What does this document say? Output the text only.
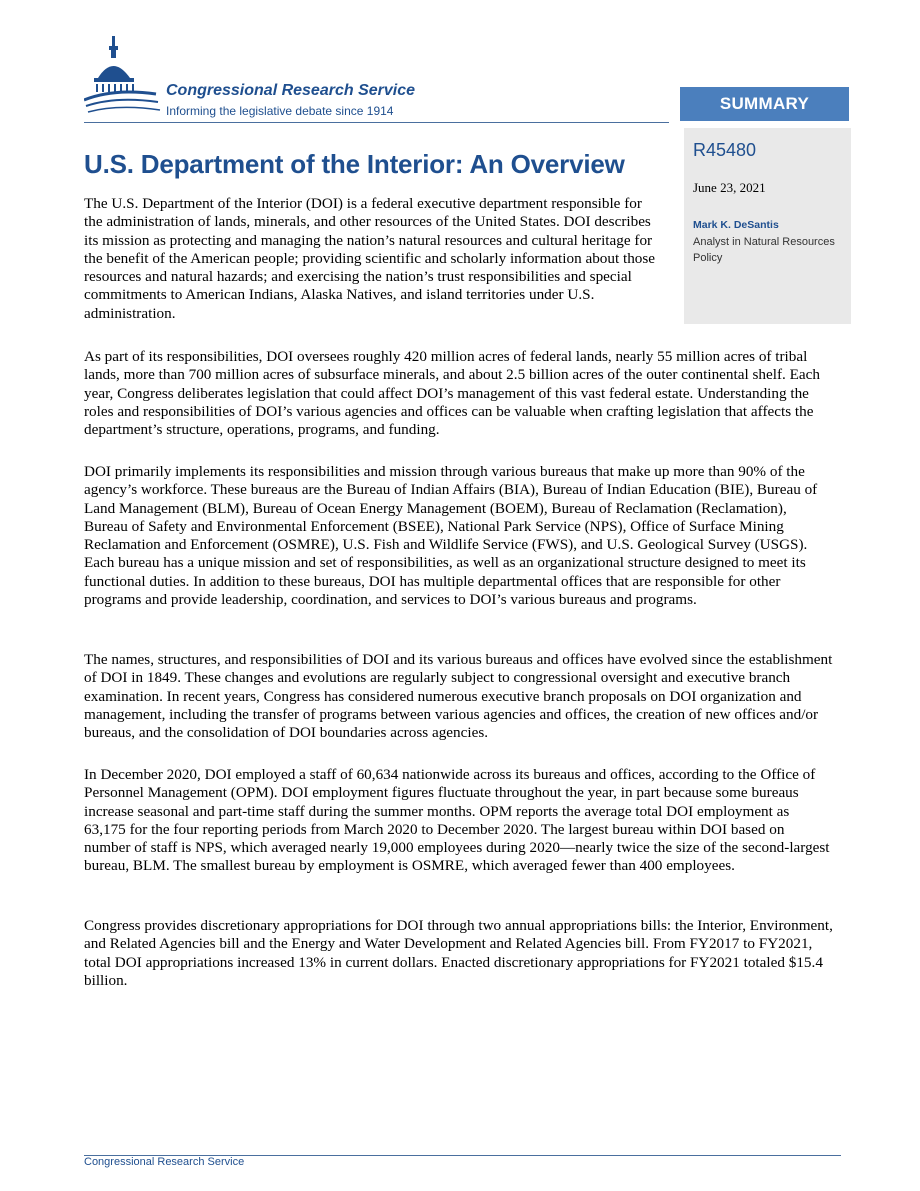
Congressional Research Service
Informing the legislative debate since 1914	SUMMARY
R45480
June 23, 2021
Mark K. DeSantis
Analyst in Natural Resources Policy
U.S. Department of the Interior: An Overview

The U.S. Department of the Interior (DOI) is a federal executive department responsible for the administration of lands, minerals, and other resources of the United States. DOI describes its mission as protecting and managing the nation’s natural resources and cultural heritage for the benefit of the American people; providing scientific and scholarly information about those resources and natural hazards; and exercising the nation’s trust responsibilities and special commitments to American Indians, Alaska Natives, and island territories under U.S. administration.

As part of its responsibilities, DOI oversees roughly 420 million acres of federal lands, nearly 55 million acres of tribal lands, more than 700 million acres of subsurface minerals, and about 2.5 billion acres of the outer continental shelf. Each year, Congress deliberates legislation that could affect DOI’s management of this vast federal estate. Understanding the roles and responsibilities of DOI’s various agencies and offices can be valuable when crafting legislation that affects the department’s structure, operations, programs, and funding.

DOI primarily implements its responsibilities and mission through various bureaus that make up more than 90% of the agency’s workforce. These bureaus are the Bureau of Indian Affairs (BIA), Bureau of Indian Education (BIE), Bureau of Land Management (BLM), Bureau of Ocean Energy Management (BOEM), Bureau of Reclamation (Reclamation), Bureau of Safety and Environmental Enforcement (BSEE), National Park Service (NPS), Office of Surface Mining Reclamation and Enforcement (OSMRE), U.S. Fish and Wildlife Service (FWS), and U.S. Geological Survey (USGS). Each bureau has a unique mission and set of responsibilities, as well as an organizational structure designed to meet its functional duties. In addition to these bureaus, DOI has multiple departmental offices that are responsible for other programs and provide leadership, coordination, and services to DOI’s various bureaus and programs.

The names, structures, and responsibilities of DOI and its various bureaus and offices have evolved since the establishment of DOI in 1849. These changes and evolutions are regularly subject to congressional oversight and executive branch examination. In recent years, Congress has considered numerous executive branch proposals on DOI organization and management, including the transfer of programs between various agencies and offices, the creation of new offices and/or bureaus, and the consolidation of DOI boundaries across agencies.

In December 2020, DOI employed a staff of 60,634 nationwide across its bureaus and offices, according to the Office of Personnel Management (OPM). DOI employment figures fluctuate throughout the year, in part because some bureaus increase seasonal and part-time staff during the summer months. OPM reports the average total DOI employment as 63,175 for the four reporting periods from March 2020 to December 2020. The largest bureau within DOI based on number of staff is NPS, which averaged nearly 19,000 employees during 2020—nearly twice the size of the second-largest bureau, BLM. The smallest bureau by employment is OSMRE, which averaged fewer than 400 employees.

Congress provides discretionary appropriations for DOI through two annual appropriations bills: the Interior, Environment, and Related Agencies bill and the Energy and Water Development and Related Agencies bill. From FY2017 to FY2021, total DOI appropriations increased 13% in current dollars. Enacted discretionary appropriations for FY2021 totaled $15.4 billion.

Congressional Research Service
